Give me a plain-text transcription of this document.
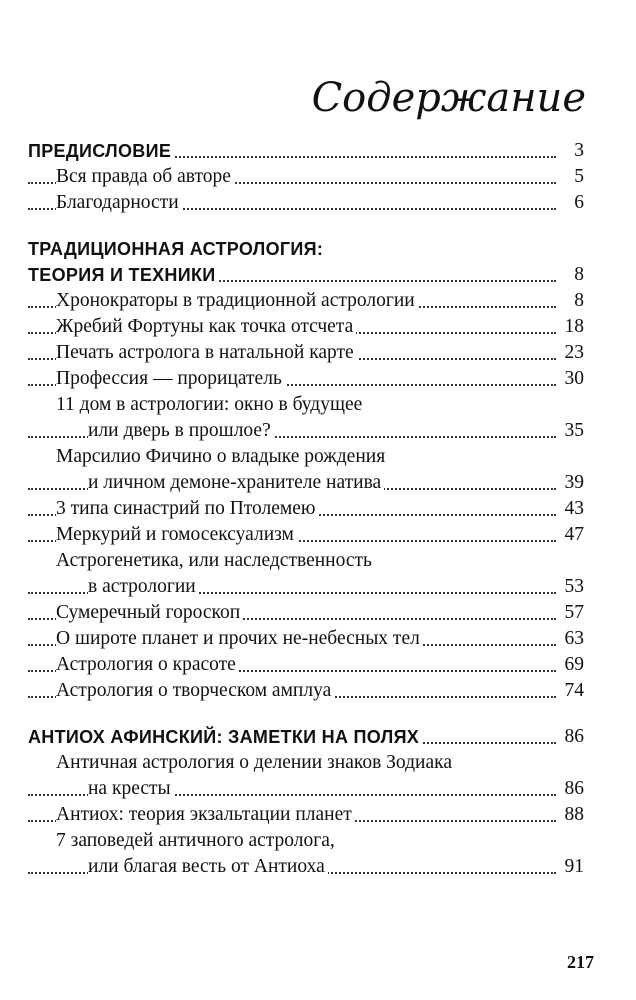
Содержание
ПРЕДИСЛОВИЕ	3
Вся правда об авторе	5
Благодарности	6
ТРАДИЦИОННАЯ АСТРОЛОГИЯ:
ТЕОРИЯ И ТЕХНИКИ	8
Хронократоры в традиционной астрологии	8
Жребий Фортуны как точка отсчета	18
Печать астролога в натальной карте	23
Профессия — прорицатель	30
11 дом в астрологии: окно в будущее
или дверь в прошлое?	35
Марсилио Фичино о владыке рождения
и личном демоне-хранителе натива	39
3 типа синастрий по Птолемею	43
Меркурий и гомосексуализм	47
Астрогенетика, или наследственность
в астрологии	53
Сумеречный гороскоп	57
О широте планет и прочих не-небесных тел	63
Астрология о красоте	69
Астрология о творческом амплуа	74
АНТИОХ АФИНСКИЙ: ЗАМЕТКИ НА ПОЛЯХ	86
Античная астрология о делении знаков Зодиака
на кресты	86
Антиох: теория экзальтации планет	88
7 заповедей античного астролога,
или благая весть от Антиоха	91
217
